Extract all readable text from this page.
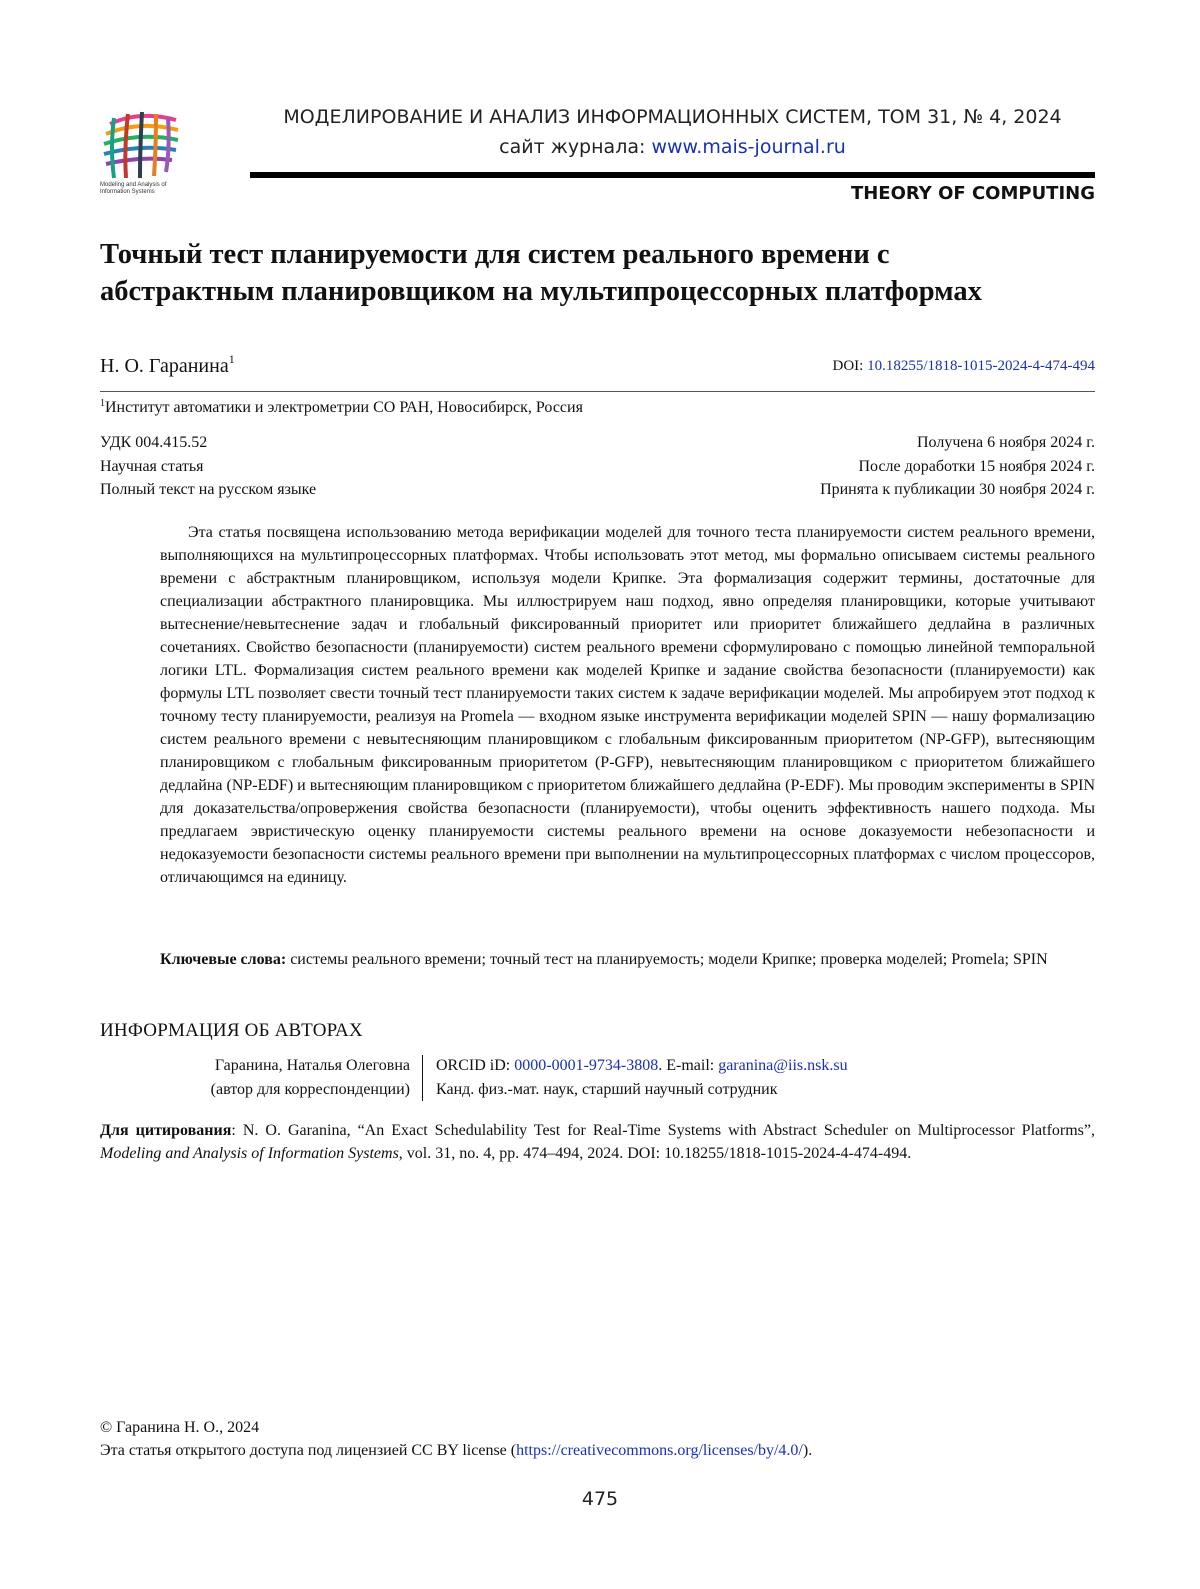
Modeling and Analysis of Information Systems
МОДЕЛИРОВАНИЕ И АНАЛИЗ ИНФОРМАЦИОННЫХ СИСТЕМ, ТОМ 31, № 4, 2024
сайт журнала: www.mais-journal.ru
THEORY OF COMPUTING
Точный тест планируемости для систем реального времени с абстрактным планировщиком на мультипроцессорных платформах
Н. О. Гаранина$^1$	DOI: 10.18255/1818-1015-2024-4-474-494
$^1$Институт автоматики и электрометрии СО РАН, Новосибирск, Россия
УДК 004.415.52
Научная статья
Полный текст на русском языке
Получена 6 ноября 2024 г.
После доработки 15 ноября 2024 г.
Принята к публикации 30 ноября 2024 г.

Эта статья посвящена использованию метода верификации моделей для точного теста планируемости систем реального времени, выполняющихся на мультипроцессорных платформах. Чтобы использовать этот метод, мы формально описываем системы реального времени с абстрактным планировщиком, используя модели Крипке. Эта формализация содержит термины, достаточные для специализации абстрактного планировщика. Мы иллюстрируем наш подход, явно определяя планировщики, которые учитывают вытеснение/невытеснение задач и глобальный фиксированный приоритет или приоритет ближайшего дедлайна в различных сочетаниях. Свойство безопасности (планируемости) систем реального времени сформулировано с помощью линейной темпоральной логики LTL. Формализация систем реального времени как моделей Крипке и задание свойства безопасности (планируемости) как формулы LTL позволяет свести точный тест планируемости таких систем к задаче верификации моделей. Мы апробируем этот подход к точному тесту планируемости, реализуя на Promela — входном языке инструмента верификации моделей SPIN — нашу формализацию систем реального времени с невытесняющим планировщиком с глобальным фиксированным приоритетом (NP-GFP), вытесняющим планировщиком с глобальным фиксированным приоритетом (P-GFP), невытесняющим планировщиком с приоритетом ближайшего дедлайна (NP-EDF) и вытесняющим планировщиком с приоритетом ближайшего дедлайна (P-EDF). Мы проводим эксперименты в SPIN для доказательства/опровержения свойства безопасности (планируемости), чтобы оценить эффективность нашего подхода. Мы предлагаем эвристическую оценку планируемости системы реального времени на основе доказуемости небезопасности и недоказуемости безопасности системы реального времени при выполнении на мультипроцессорных платформах с числом процессоров, отличающимся на единицу.

Ключевые слова: системы реального времени; точный тест на планируемость; модели Крипке; проверка моделей; Promela; SPIN

ИНФОРМАЦИЯ ОБ АВТОРАХ
Гаранина, Наталья Олеговна
(автор для корреспонденции)
ORCID iD: 0000-0001-9734-3808. E-mail: garanina@iis.nsk.su
Канд. физ.-мат. наук, старший научный сотрудник

Для цитирования: N. O. Garanina, “An Exact Schedulability Test for Real-Time Systems with Abstract Scheduler on Multiprocessor Platforms”, Modeling and Analysis of Information Systems, vol. 31, no. 4, pp. 474–494, 2024. DOI: 10.18255/1818-1015-2024-4-474-494.

© Гаранина Н. О., 2024
Эта статья открытого доступа под лицензией CC BY license (https://creativecommons.org/licenses/by/4.0/).
475
